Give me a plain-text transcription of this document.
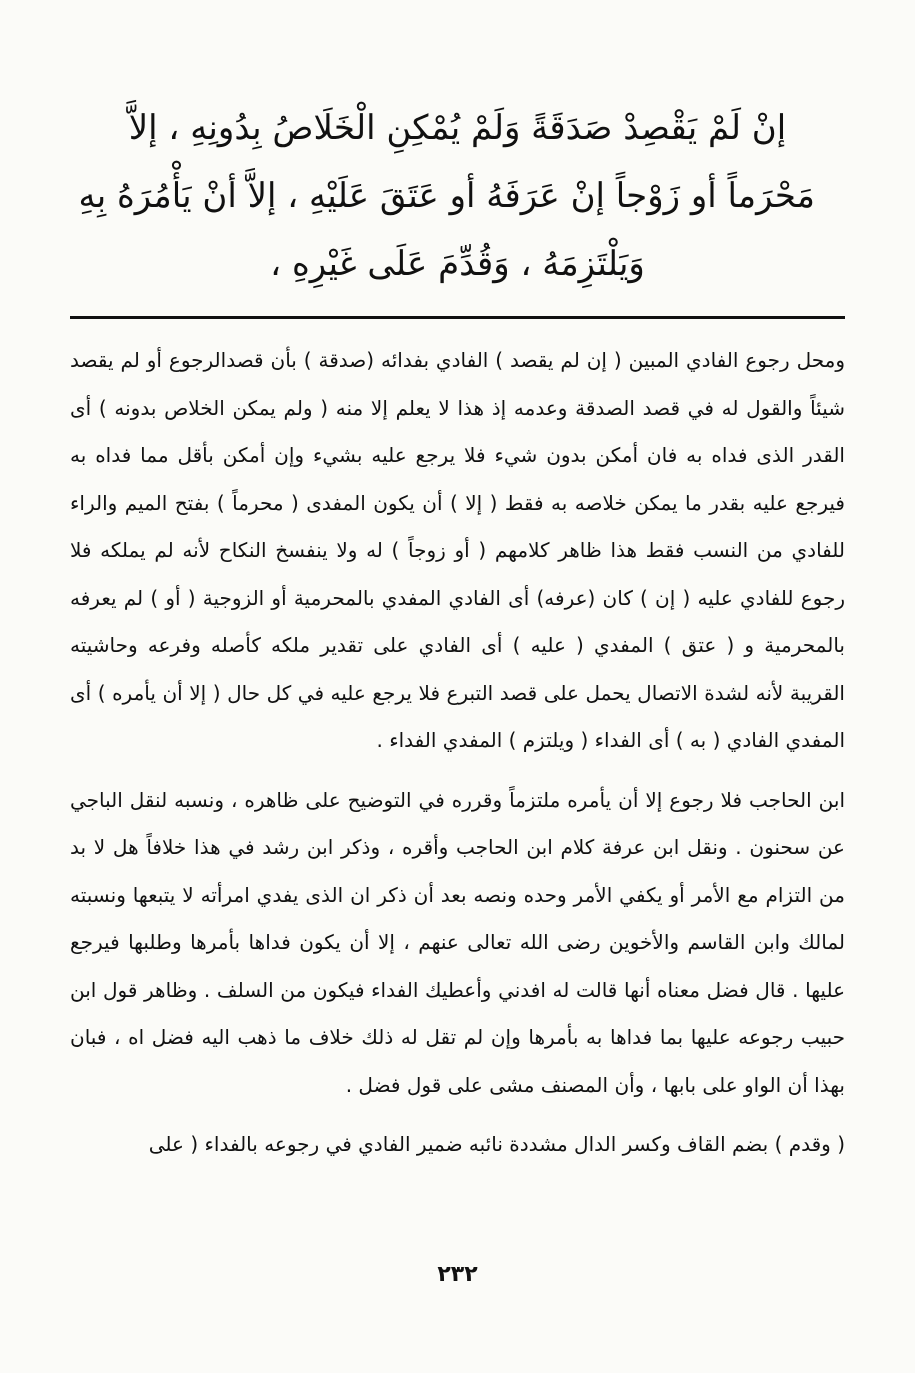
إنْ لَمْ يَقْصِدْ صَدَقَةً وَلَمْ يُمْكِنِ الْخَلَاصُ بِدُونِهِ ، إلاَّ
مَحْرَماً أو زَوْجاً إنْ عَرَفَهُ أو عَتَقَ عَلَيْهِ ، إلاَّ أنْ يَأْمُرَهُ بِهِ
وَيَلْتَزِمَهُ ، وَقُدِّمَ عَلَى غَيْرِهِ ،

ومحل رجوع الفادي المبين ( إن لم يقصد ) الفادي بفدائه (صدقة ) بأن قصدالرجوع أو لم يقصد شيئاً والقول له في قصد الصدقة وعدمه إذ هذا لا يعلم إلا منه ( ولم يمكن الخلاص بدونه ) أى القدر الذى فداه به فان أمكن بدون شيء فلا يرجع عليه بشيء وإن أمكن بأقل مما فداه به فيرجع عليه بقدر ما يمكن خلاصه به فقط ( إلا ) أن يكون المفدى ( محرماً ) بفتح الميم والراء للفادي من النسب فقط هذا ظاهر كلامهم ( أو زوجاً ) له ولا ينفسخ النكاح لأنه لم يملكه فلا رجوع للفادي عليه ( إن ) كان (عرفه) أى الفادي المفدي بالمحرمية أو الزوجية ( أو ) لم يعرفه بالمحرمية و ( عتق ) المفدي ( عليه ) أى الفادي على تقدير ملكه كأصله وفرعه وحاشيته القريبة لأنه لشدة الاتصال يحمل على قصد التبرع فلا يرجع عليه في كل حال ( إلا أن يأمره ) أى المفدي الفادي ( به ) أى الفداء ( ويلتزم ) المفدي الفداء .

ابن الحاجب فلا رجوع إلا أن يأمره ملتزماً وقرره في التوضيح على ظاهره ، ونسبه لنقل الباجي عن سحنون . ونقل ابن عرفة كلام ابن الحاجب وأقره ، وذكر ابن رشد في هذا خلافاً هل لا بد من التزام مع الأمر أو يكفي الأمر وحده ونصه بعد أن ذكر ان الذى يفدي امرأته لا يتبعها ونسبته لمالك وابن القاسم والأخوين رضى الله تعالى عنهم ، إلا أن يكون فداها بأمرها وطلبها فيرجع عليها . قال فضل معناه أنها قالت له افدني وأعطيك الفداء فيكون من السلف . وظاهر قول ابن حبيب رجوعه عليها بما فداها به بأمرها وإن لم تقل له ذلك خلاف ما ذهب اليه فضل اه ، فبان بهذا أن الواو على بابها ، وأن المصنف مشى على قول فضل .

( وقدم ) بضم القاف وكسر الدال مشددة نائبه ضمير الفادي في رجوعه بالفداء ( على

٢٣٢
